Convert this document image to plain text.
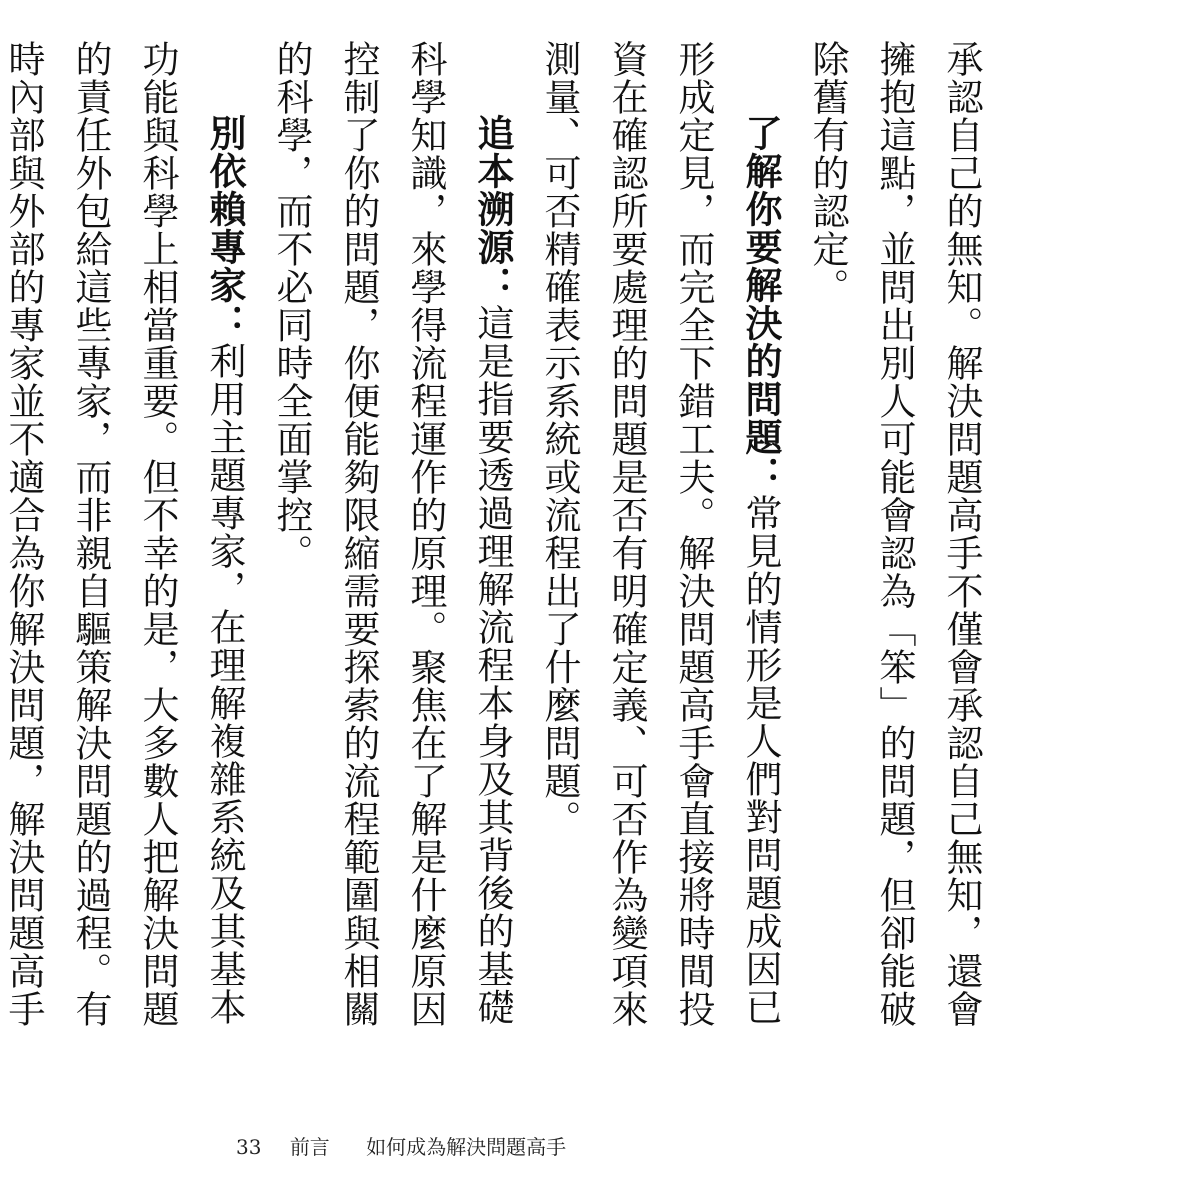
承認自己的無知。解決問題高手不僅會承認自己無知，還會擁抱這點，並問出別人可能會認為「笨」的問題，但卻能破除舊有的認定。

了解你要解決的問題：常見的情形是人們對問題成因已形成定見，而完全下錯工夫。解決問題高手會直接將時間投資在確認所要處理的問題是否有明確定義、可否作為變項來測量、可否精確表示系統或流程出了什麼問題。

追本溯源：這是指要透過理解流程本身及其背後的基礎科學知識，來學得流程運作的原理。聚焦在了解是什麼原因控制了你的問題，你便能夠限縮需要探索的流程範圍與相關的科學，而不必同時全面掌控。

別依賴專家：利用主題專家，在理解複雜系統及其基本功能與科學上相當重要。但不幸的是，大多數人把解決問題的責任外包給這些專家，而非親自驅策解決問題的過程。有時內部與外部的專家並不適合為你解決問題，解決問題高手

33 前言 如何成為解決問題高手
